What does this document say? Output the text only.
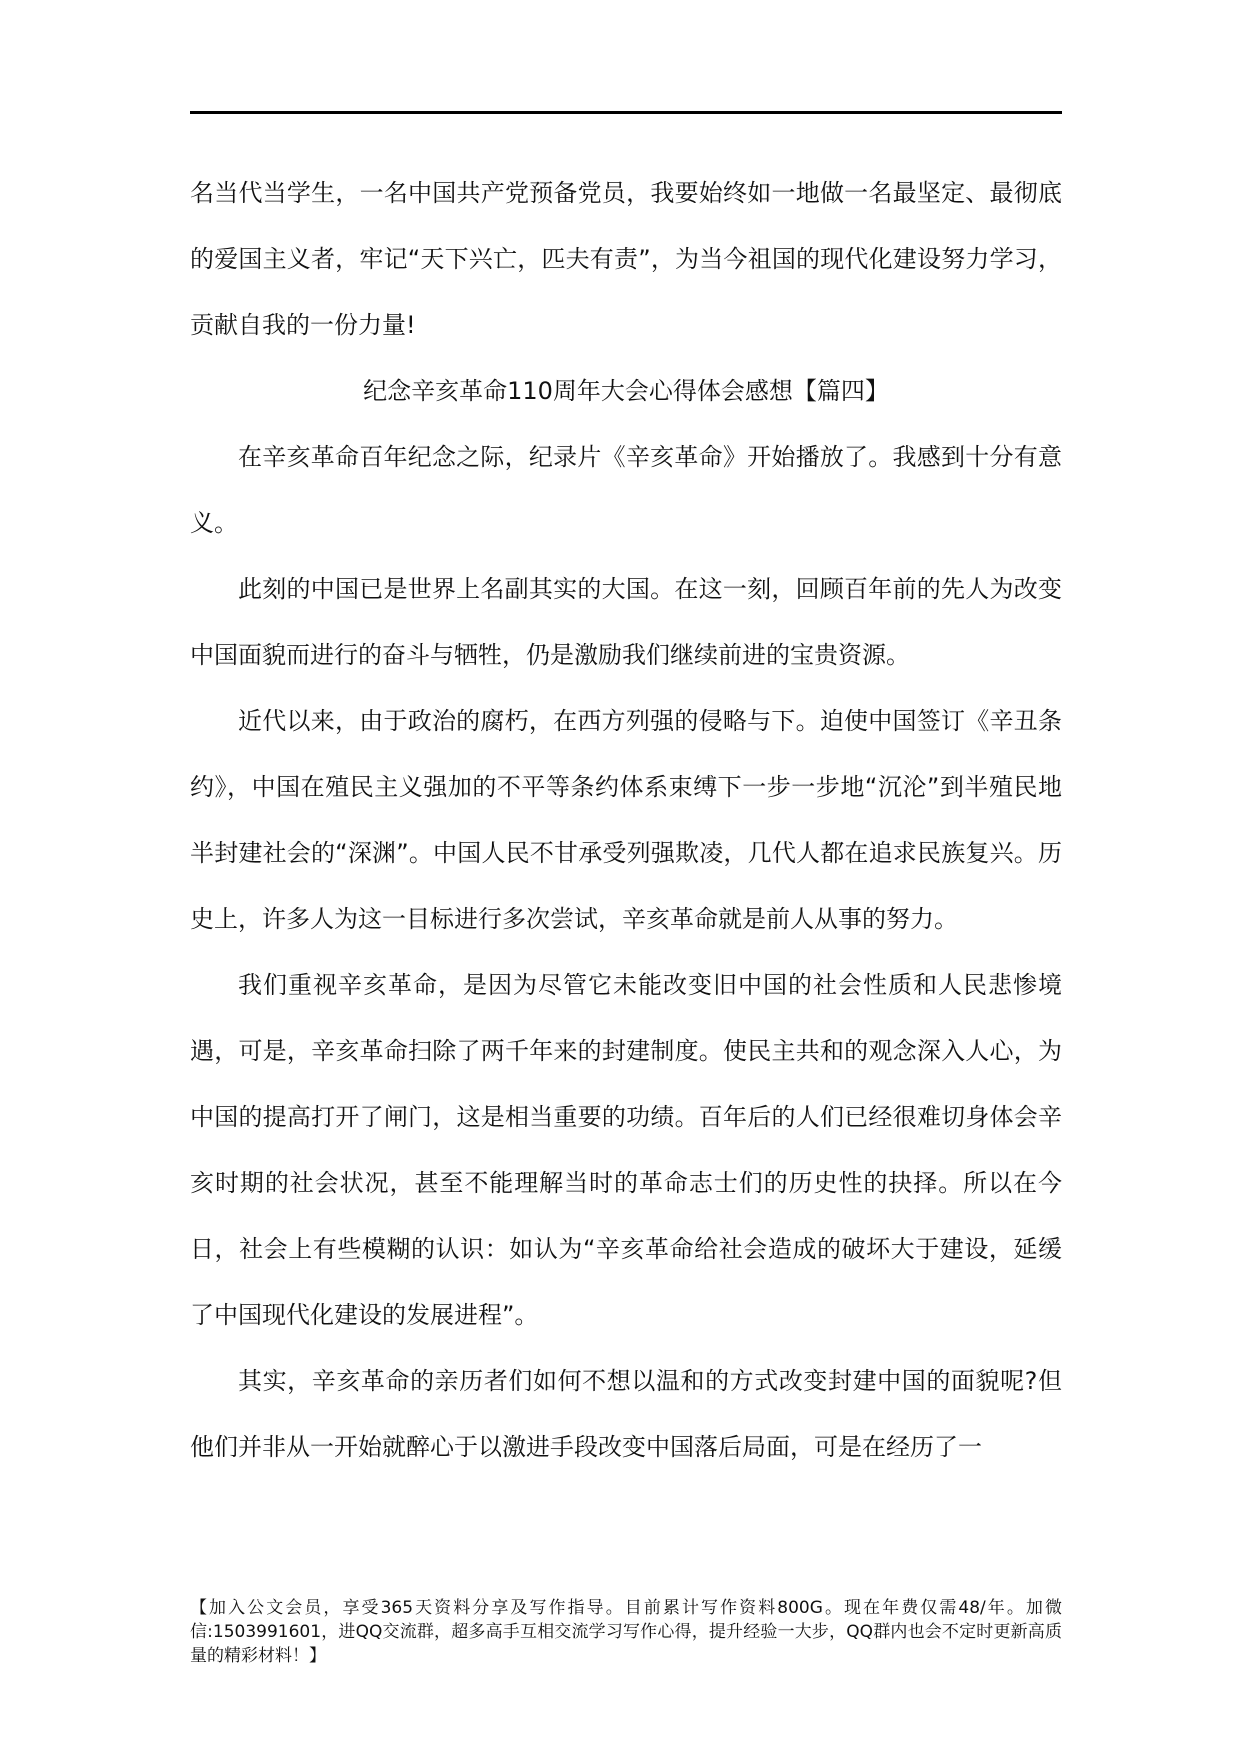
名当代当学生，一名中国共产党预备党员，我要始终如一地做一名最坚定、最彻底的爱国主义者，牢记“天下兴亡，匹夫有责”，为当今祖国的现代化建设努力学习，贡献自我的一份力量!

纪念辛亥革命110周年大会心得体会感想【篇四】

在辛亥革命百年纪念之际，纪录片《辛亥革命》开始播放了。我感到十分有意义。

此刻的中国已是世界上名副其实的大国。在这一刻，回顾百年前的先人为改变中国面貌而进行的奋斗与牺牲，仍是激励我们继续前进的宝贵资源。

近代以来，由于政治的腐朽，在西方列强的侵略与下。迫使中国签订《辛丑条约》，中国在殖民主义强加的不平等条约体系束缚下一步一步地“沉沦”到半殖民地半封建社会的“深渊”。中国人民不甘承受列强欺凌，几代人都在追求民族复兴。历史上，许多人为这一目标进行多次尝试，辛亥革命就是前人从事的努力。

我们重视辛亥革命，是因为尽管它未能改变旧中国的社会性质和人民悲惨境遇，可是，辛亥革命扫除了两千年来的封建制度。使民主共和的观念深入人心，为中国的提高打开了闸门，这是相当重要的功绩。百年后的人们已经很难切身体会辛亥时期的社会状况，甚至不能理解当时的革命志士们的历史性的抉择。所以在今日，社会上有些模糊的认识：如认为“辛亥革命给社会造成的破坏大于建设，延缓了中国现代化建设的发展进程”。

其实，辛亥革命的亲历者们如何不想以温和的方式改变封建中国的面貌呢?但他们并非从一开始就醉心于以激进手段改变中国落后局面，可是在经历了一

【加入公文会员，享受365天资料分享及写作指导。目前累计写作资料800G。现在年费仅需48/年。加微信:1503991601，进QQ交流群，超多高手互相交流学习写作心得，提升经验一大步，QQ群内也会不定时更新高质量的精彩材料！】
